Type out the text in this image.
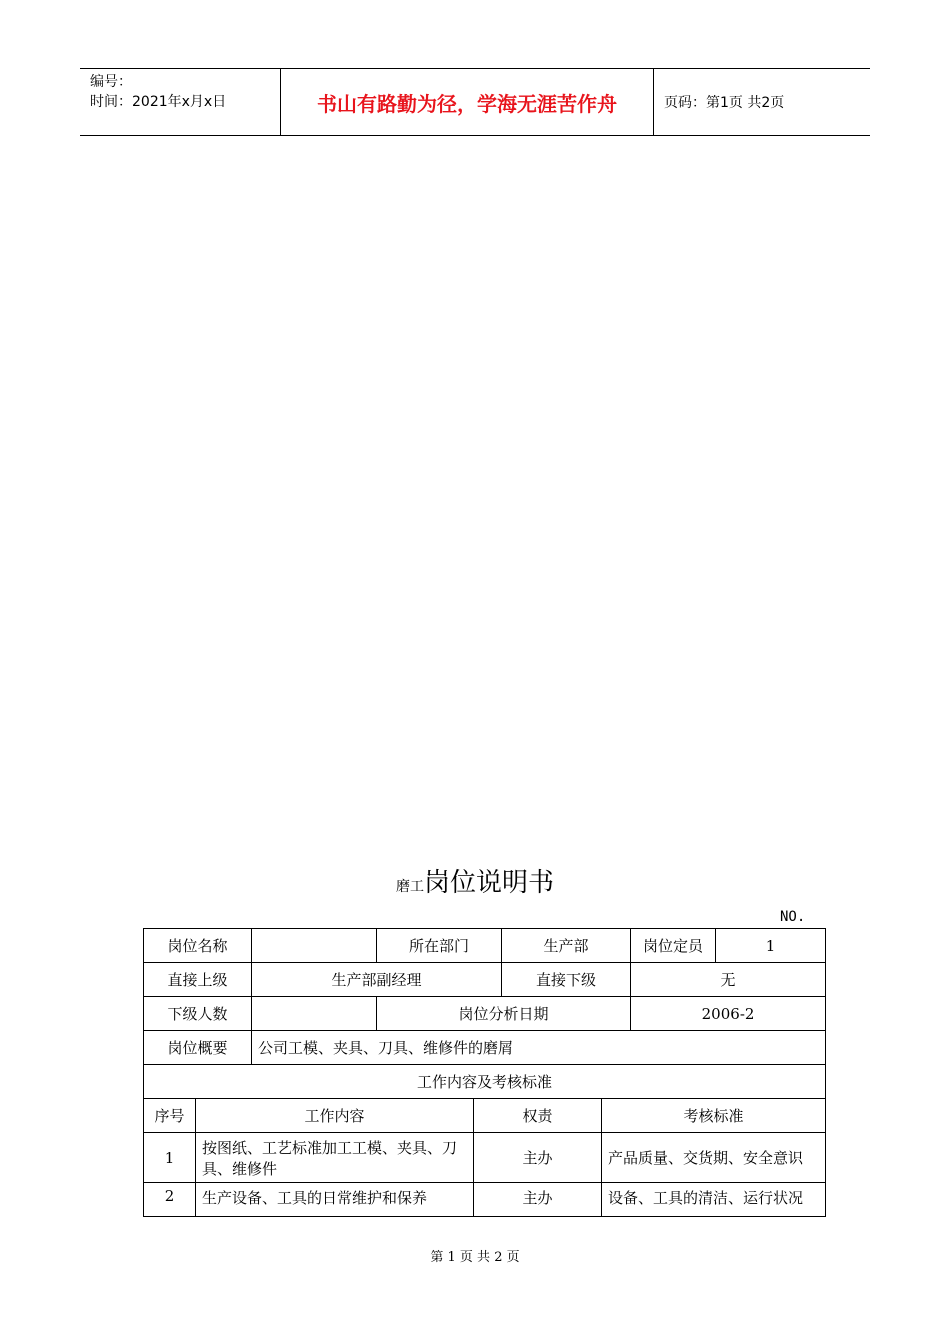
编号：
时间：2021年x月x日	书山有路勤为径，学海无涯苦作舟	页码：第1页 共2页
磨工岗位说明书
NO.
岗位名称			所在部门		生产部		岗位定员	1
直接上级		生产部副经理			直接下级		无	
下级人数			岗位分析日期				2006-2	
岗位概要		公司工模、夹具、刀具、维修件的磨屑						
工作内容及考核标准								
序号	工作内容			权责		考核标准		
1	按图纸、工艺标准加工工模、夹具、刀具、维修件			主办		产品质量、交货期、安全意识		
2	生产设备、工具的日常维护和保养			主办		设备、工具的清洁、运行状况		
第 1 页 共 2 页
